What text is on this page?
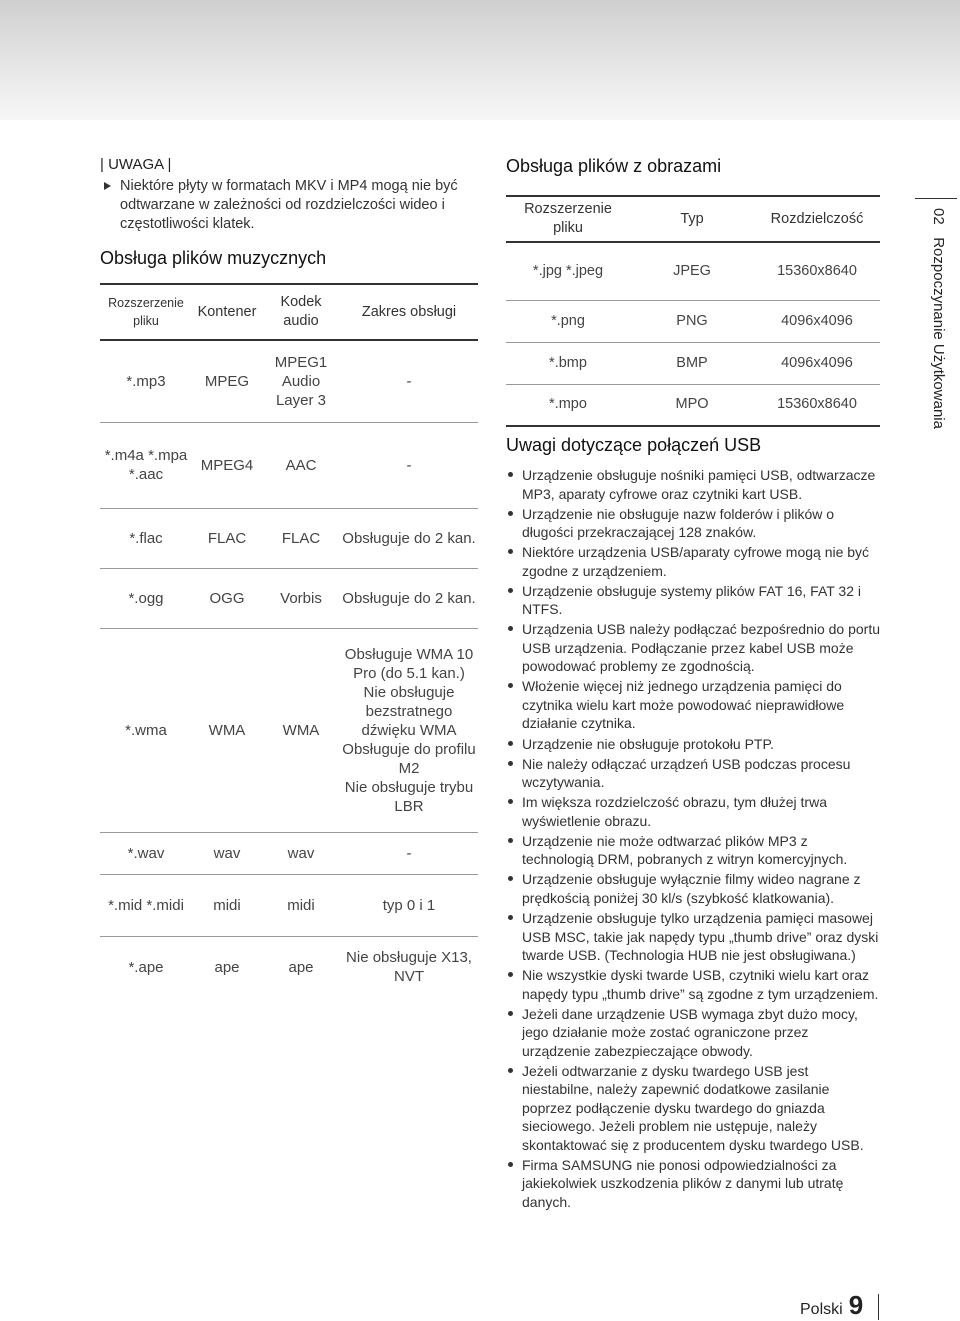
| UWAGA |
Niektóre płyty w formatach MKV i MP4 mogą nie być odtwarzane w zależności od rozdzielczości wideo i częstotliwości klatek.
Obsługa plików muzycznych
Rozszerzenie pliku	Kontener	Kodek audio	Zakres obsługi
*.mp3	MPEG	MPEG1 Audio Layer 3	-
*.m4a *.mpa *.aac	MPEG4	AAC	-
*.flac	FLAC	FLAC	Obsługuje do 2 kan.
*.ogg	OGG	Vorbis	Obsługuje do 2 kan.
*.wma	WMA	WMA	Obsługuje WMA 10 Pro (do 5.1 kan.)
Nie obsługuje bezstratnego dźwięku WMA
Obsługuje do profilu M2
Nie obsługuje trybu LBR

*.wav	wav	wav	-
*.mid *.midi	midi	midi	typ 0 i 1
*.ape	ape	ape	Nie obsługuje X13, NVT
Obsługa plików z obrazami
Rozszerzenie pliku	Typ	Rozdzielczość
*.jpg *.jpeg	JPEG	15360x8640
*.png	PNG	4096x4096
*.bmp	BMP	4096x4096
*.mpo	MPO	15360x8640
Uwagi dotyczące połączeń USB
Urządzenie obsługuje nośniki pamięci USB, odtwarzacze MP3, aparaty cyfrowe oraz czytniki kart USB.
Urządzenie nie obsługuje nazw folderów i plików o długości przekraczającej 128 znaków.
Niektóre urządzenia USB/aparaty cyfrowe mogą nie być zgodne z urządzeniem.
Urządzenie obsługuje systemy plików FAT 16, FAT 32 i NTFS.
Urządzenia USB należy podłączać bezpośrednio do portu USB urządzenia. Podłączanie przez kabel USB może powodować problemy ze zgodnością.
Włożenie więcej niż jednego urządzenia pamięci do czytnika wielu kart może powodować nieprawidłowe działanie czytnika.
Urządzenie nie obsługuje protokołu PTP.
Nie należy odłączać urządzeń USB podczas procesu wczytywania.
Im większa rozdzielczość obrazu, tym dłużej trwa wyświetlenie obrazu.
Urządzenie nie może odtwarzać plików MP3 z technologią DRM, pobranych z witryn komercyjnych.
Urządzenie obsługuje wyłącznie filmy wideo nagrane z prędkością poniżej 30 kl/s (szybkość klatkowania).
Urządzenie obsługuje tylko urządzenia pamięci masowej USB MSC, takie jak napędy typu „thumb drive” oraz dyski twarde USB. (Technologia HUB nie jest obsługiwana.)
Nie wszystkie dyski twarde USB, czytniki wielu kart oraz napędy typu „thumb drive” są zgodne z tym urządzeniem.
Jeżeli dane urządzenie USB wymaga zbyt dużo mocy, jego działanie może zostać ograniczone przez urządzenie zabezpieczające obwody.
Jeżeli odtwarzanie z dysku twardego USB jest niestabilne, należy zapewnić dodatkowe zasilanie poprzez podłączenie dysku twardego do gniazda sieciowego. Jeżeli problem nie ustępuje, należy skontaktować się z producentem dysku twardego USB.
Firma SAMSUNG nie ponosi odpowiedzialności za jakiekolwiek uszkodzenia plików z danymi lub utratę danych.
02   Rozpoczynanie Użytkowania
Polski 9
